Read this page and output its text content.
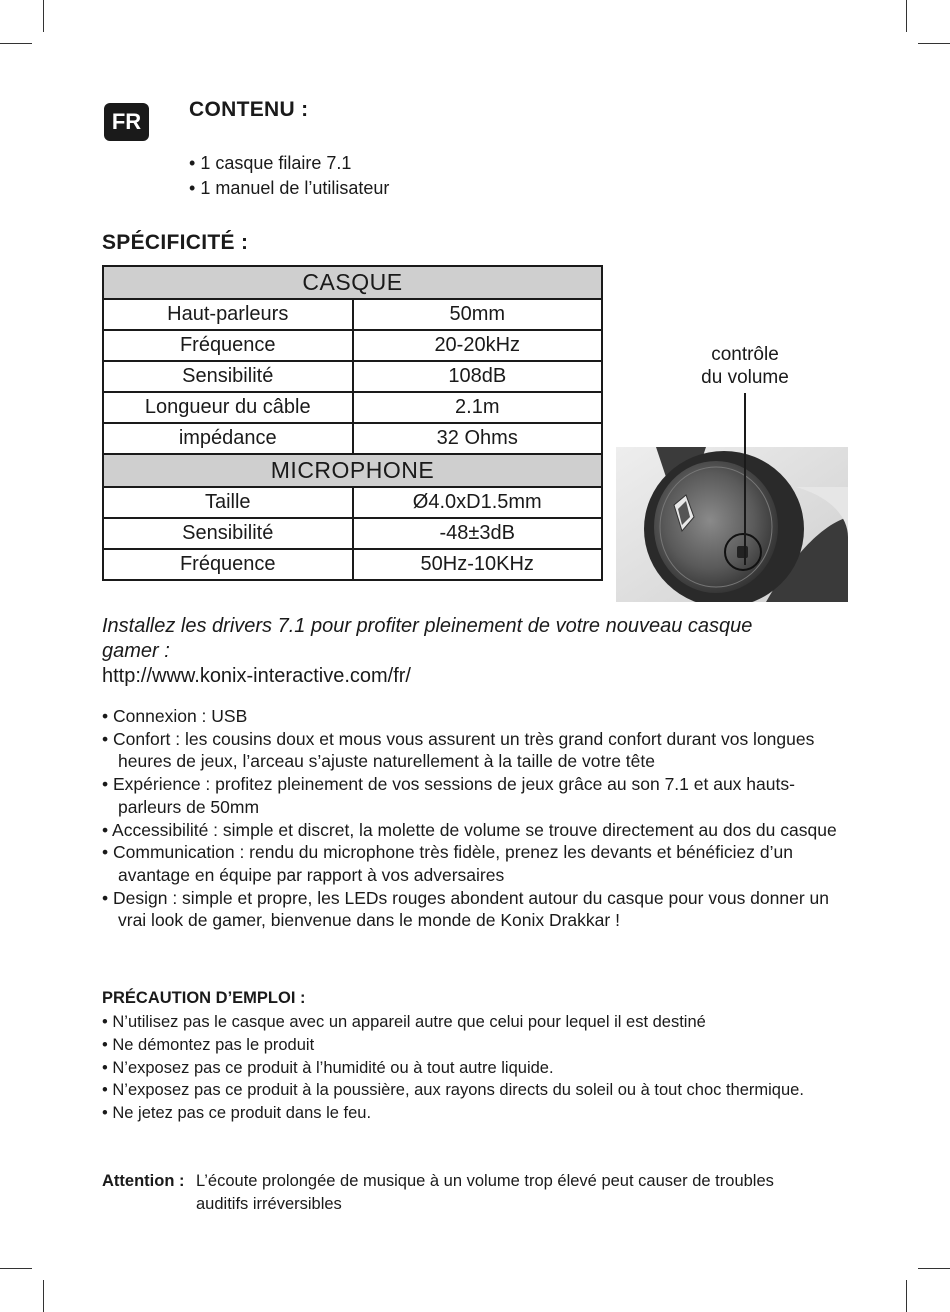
FR	CONTENU :
• 1 casque filaire 7.1
• 1 manuel de l’utilisateur
SPÉCIFICITÉ :
CASQUE	
Haut-parleurs	50mm
Fréquence	20-20kHz
Sensibilité	108dB
Longueur du câble	2.1m
impédance	32 Ohms
MICROPHONE	
Taille	Ø4.0xD1.5mm
Sensibilité	-48±3dB
Fréquence	50Hz-10KHz
contrôle
du volume
Installez les drivers 7.1 pour profiter pleinement de votre nouveau casque gamer :
http://www.konix-interactive.com/fr/
• Connexion : USB
• Confort : les cousins doux et mous vous assurent un très grand confort durant vos longues heures de jeux, l’arceau s’ajuste naturellement à la taille de votre tête
• Expérience : profitez pleinement de vos sessions de jeux grâce au son 7.1 et aux hauts-parleurs de 50mm
• Accessibilité : simple et discret, la molette de volume se trouve directement au dos du casque
• Communication : rendu du microphone très fidèle, prenez les devants et bénéficiez d’un avantage en équipe par rapport à vos adversaires
• Design : simple et propre, les LEDs rouges abondent autour du casque pour vous donner un vrai look de gamer, bienvenue dans le monde de Konix Drakkar !
PRÉCAUTION D’EMPLOI :
• N’utilisez pas le casque avec un appareil autre que celui pour lequel il est destiné
• Ne démontez pas le produit
• N’exposez pas ce produit à l’humidité ou à tout autre liquide.
• N’exposez pas ce produit à la poussière, aux rayons directs du soleil ou à tout choc thermique.
• Ne jetez pas ce produit dans le feu.
Attention : L’écoute prolongée de musique à un volume trop élevé peut causer de troubles auditifs irréversibles
